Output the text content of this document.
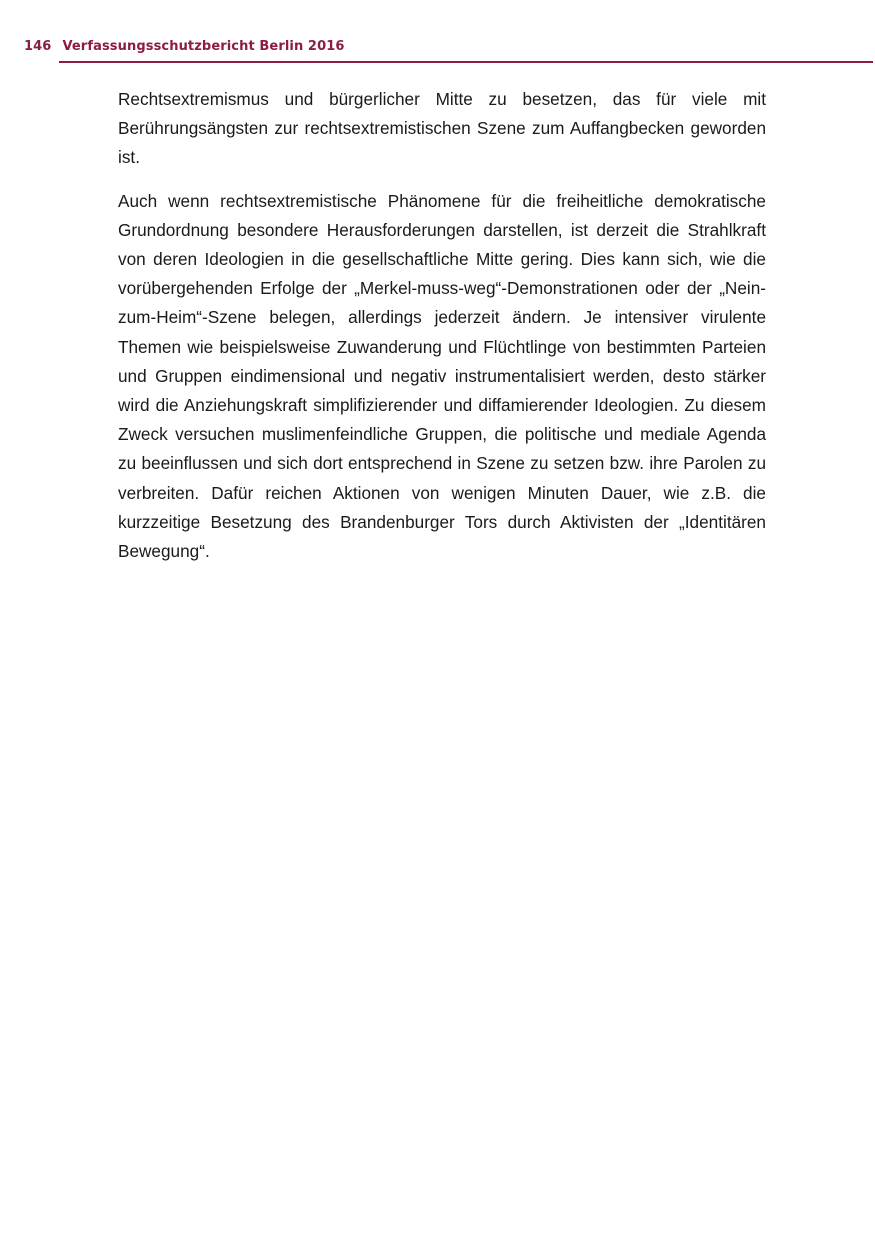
146 Verfassungsschutzbericht Berlin 2016

Rechtsextremismus und bürgerlicher Mitte zu besetzen, das für viele mit Berührungsängsten zur rechtsextremistischen Szene zum Auffangbecken geworden ist.

Auch wenn rechtsextremistische Phänomene für die freiheitliche demokratische Grundordnung besondere Herausforderungen darstellen, ist derzeit die Strahlkraft von deren Ideologien in die gesellschaftliche Mitte gering. Dies kann sich, wie die vorübergehenden Erfolge der „Merkel-muss-weg“-Demonstrationen oder der „Nein-zum-Heim“-Szene belegen, allerdings jederzeit ändern. Je intensiver virulente Themen wie beispielsweise Zuwanderung und Flüchtlinge von bestimmten Parteien und Gruppen eindimensional und negativ instrumentalisiert werden, desto stärker wird die Anziehungskraft simplifizierender und diffamierender Ideologien. Zu diesem Zweck versuchen muslimenfeindliche Gruppen, die politische und mediale Agenda zu beeinflussen und sich dort entsprechend in Szene zu setzen bzw. ihre Parolen zu verbreiten. Dafür reichen Aktionen von wenigen Minuten Dauer, wie z.B. die kurzzeitige Besetzung des Brandenburger Tors durch Aktivisten der „Identitären Bewegung“.
